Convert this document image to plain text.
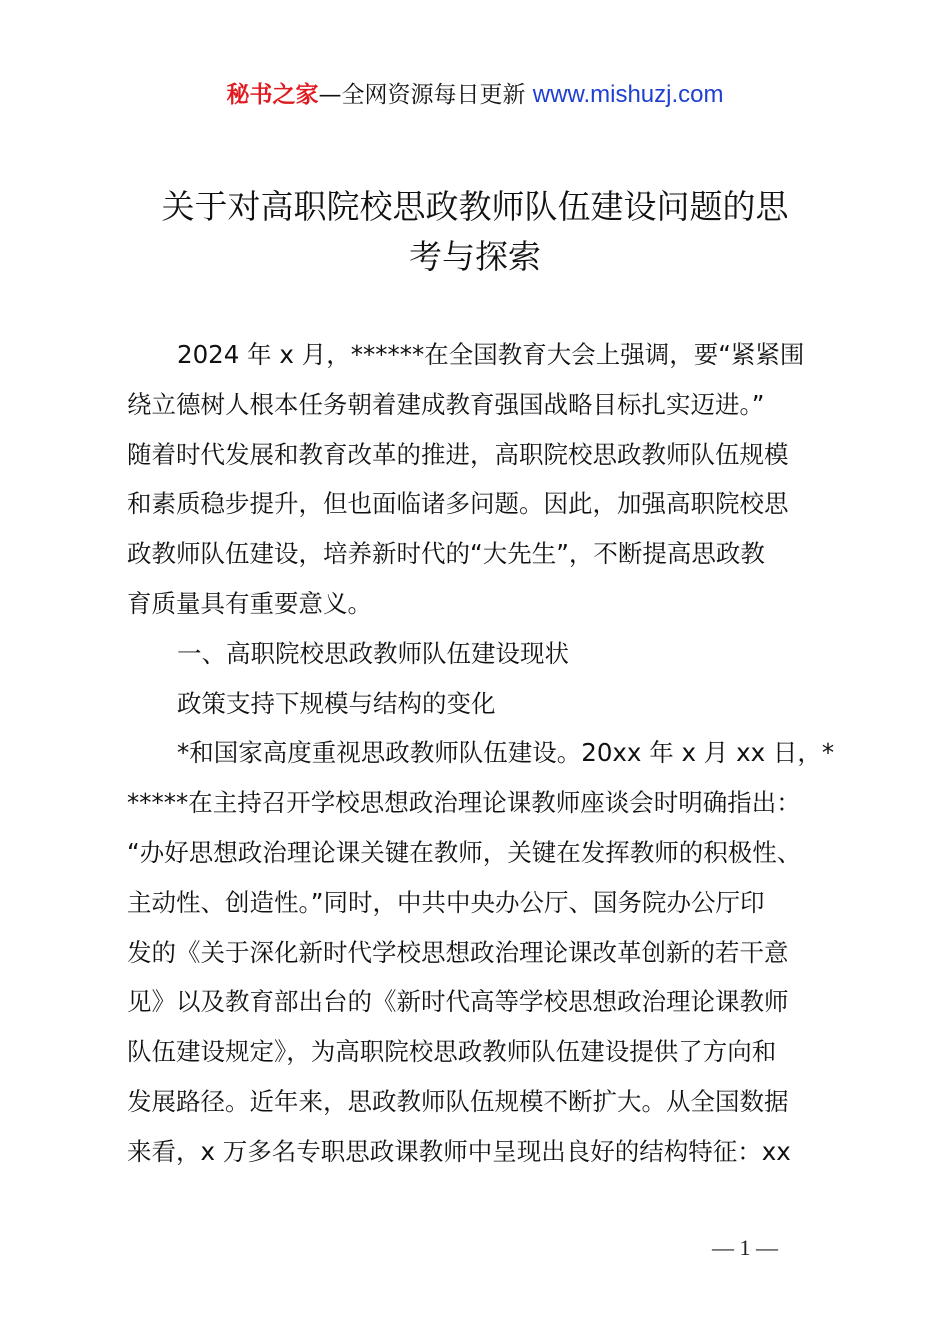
秘书之家—全网资源每日更新 www.mishuzj.com
关于对高职院校思政教师队伍建设问题的思
考与探索
2024 年 x 月，******在全国教育大会上强调，要“紧紧围
绕立德树人根本任务朝着建成教育强国战略目标扎实迈进。”
随着时代发展和教育改革的推进，高职院校思政教师队伍规模
和素质稳步提升，但也面临诸多问题。因此，加强高职院校思
政教师队伍建设，培养新时代的“大先生”，不断提高思政教
育质量具有重要意义。
一、高职院校思政教师队伍建设现状
政策支持下规模与结构的变化
*和国家高度重视思政教师队伍建设。20xx 年 x 月 xx 日，*
*****在主持召开学校思想政治理论课教师座谈会时明确指出：
“办好思想政治理论课关键在教师，关键在发挥教师的积极性、
主动性、创造性。”同时，中共中央办公厅、国务院办公厅印
发的《关于深化新时代学校思想政治理论课改革创新的若干意
见》以及教育部出台的《新时代高等学校思想政治理论课教师
队伍建设规定》，为高职院校思政教师队伍建设提供了方向和
发展路径。近年来，思政教师队伍规模不断扩大。从全国数据
来看，x 万多名专职思政课教师中呈现出良好的结构特征：xx
— 1 —
